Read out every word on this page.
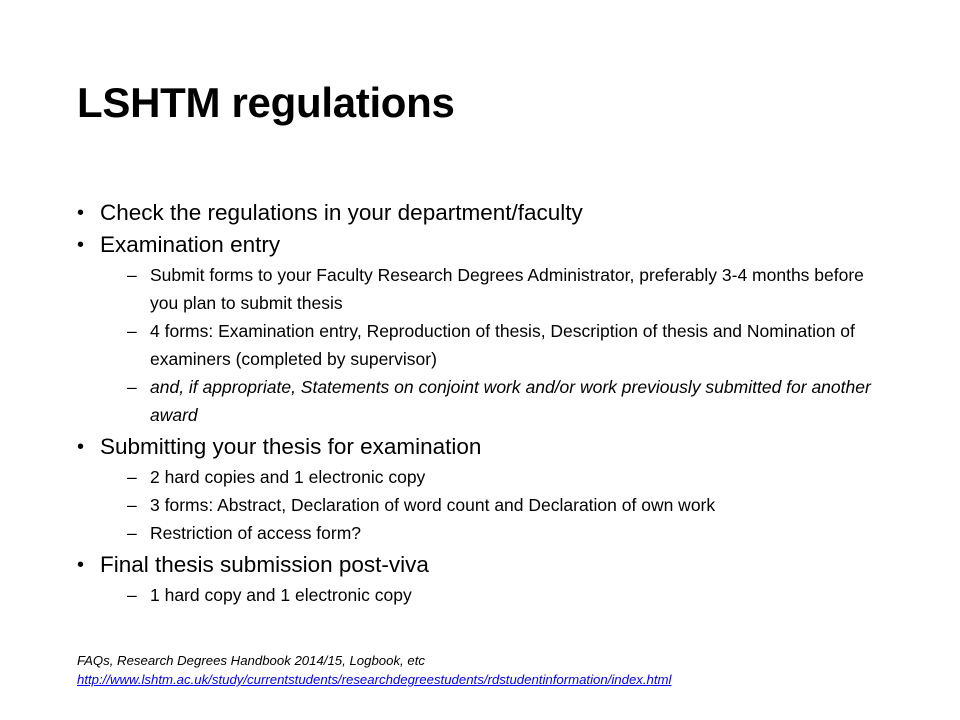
LSHTM regulations
• Check the regulations in your department/faculty
• Examination entry
– Submit forms to your Faculty Research Degrees Administrator, preferably 3-4 months before you plan to submit thesis
– 4 forms: Examination entry, Reproduction of thesis, Description of thesis and Nomination of examiners (completed by supervisor)
– and, if appropriate, Statements on conjoint work and/or work previously submitted for another award
• Submitting your thesis for examination
– 2 hard copies and 1 electronic copy
– 3 forms: Abstract, Declaration of word count and Declaration of own work
– Restriction of access form?
• Final thesis submission post-viva
– 1 hard copy and 1 electronic copy
FAQs, Research Degrees Handbook 2014/15, Logbook, etc
http://www.lshtm.ac.uk/study/currentstudents/researchdegreestudents/rdstudentinformation/index.html
